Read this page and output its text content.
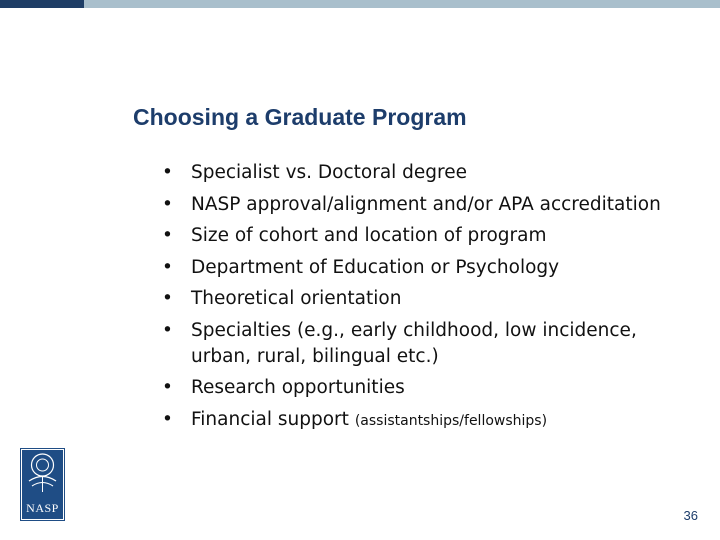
Choosing a Graduate Program
• Specialist vs. Doctoral degree
• NASP approval/alignment and/or APA accreditation
• Size of cohort and location of program
• Department of Education or Psychology
• Theoretical orientation
• Specialties (e.g., early childhood, low incidence, urban, rural, bilingual etc.)
• Research opportunities
• Financial support (assistantships/fellowships)
NASP	36
